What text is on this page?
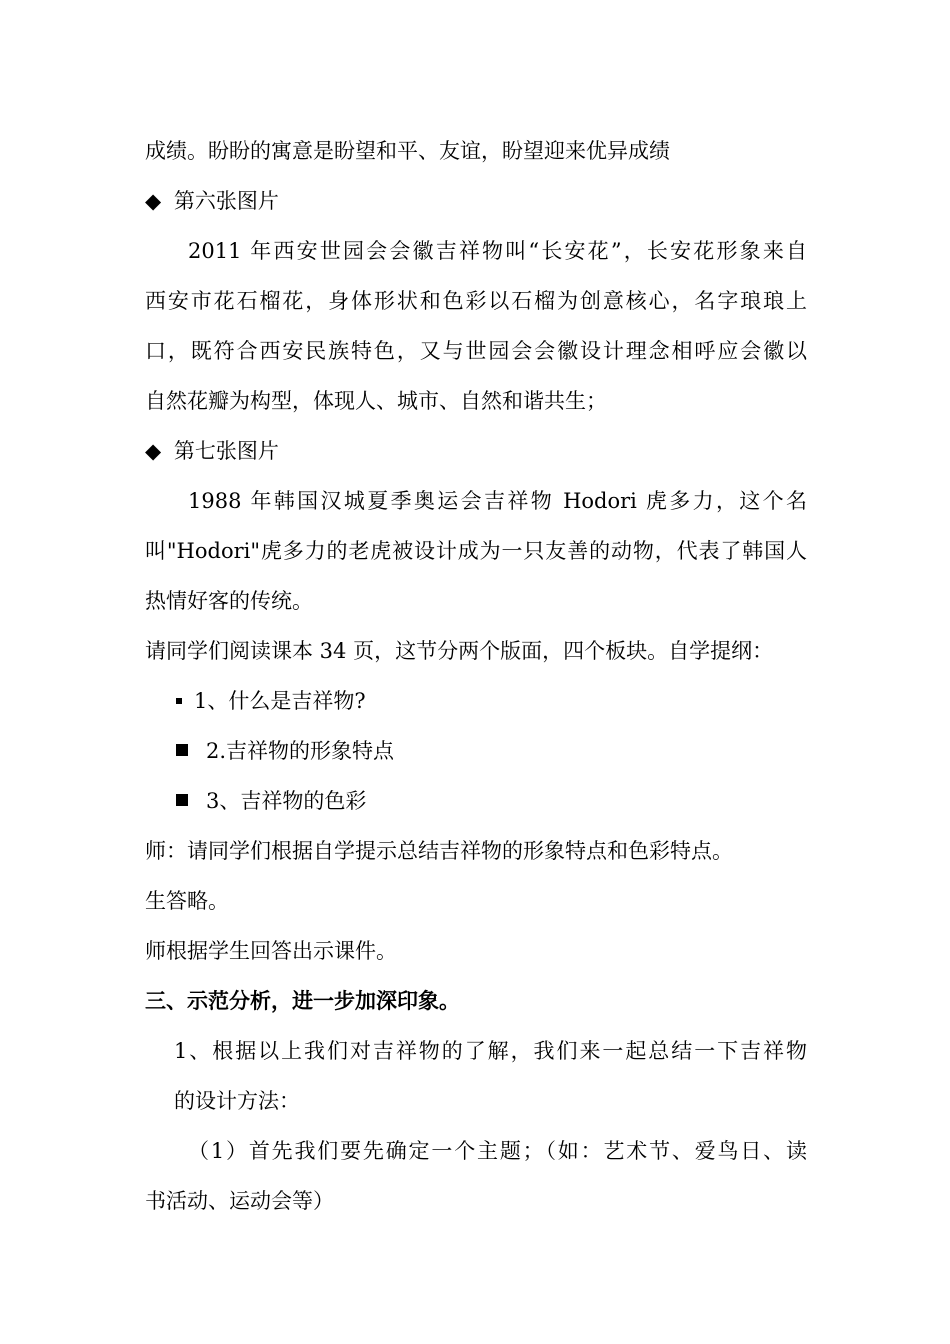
成绩。盼盼的寓意是盼望和平、友谊，盼望迎来优异成绩
◆ 第六张图片
2011 年西安世园会会徽吉祥物叫“长安花”，长安花形象来自
西安市花石榴花，身体形状和色彩以石榴为创意核心，名字琅琅上
口，既符合西安民族特色，又与世园会会徽设计理念相呼应会徽以
自然花瓣为构型，体现人、城市、自然和谐共生；
◆ 第七张图片
1988 年韩国汉城夏季奥运会吉祥物 Hodori 虎多力，这个名
叫"Hodori"虎多力的老虎被设计成为一只友善的动物，代表了韩国人
热情好客的传统。
请同学们阅读课本 34 页，这节分两个版面，四个板块。自学提纲：
1、什么是吉祥物?
2.吉祥物的形象特点
3、吉祥物的色彩
师：请同学们根据自学提示总结吉祥物的形象特点和色彩特点。
生答略。
师根据学生回答出示课件。
三、示范分析，进一步加深印象。
1、根据以上我们对吉祥物的了解，我们来一起总结一下吉祥物
的设计方法：
（1）首先我们要先确定一个主题；（如：艺术节、爱鸟日、读
书活动、运动会等）
